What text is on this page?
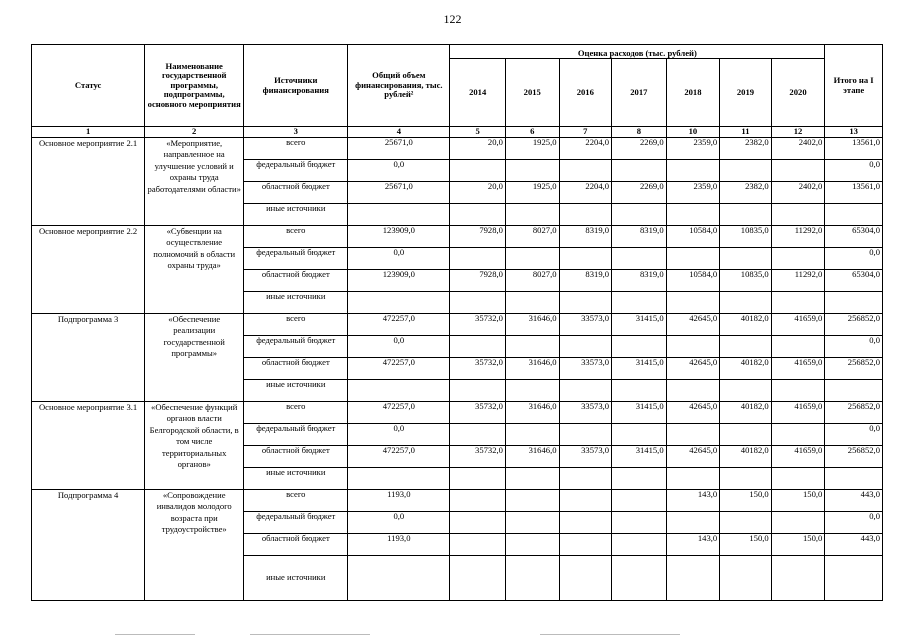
122
Статус	Наименование государственной программы, подпрограммы, основного мероприятия	Источники финансирования	Общий объем финансирования, тыс. рублей²	Оценка расходов (тыс. рублей)							Итого на I этапе
				2014	2015	2016	2017	2018	2019	2020	
1	2	3	4	5	6	7	8	10	11	12	13
Основное мероприятие 2.1	«Мероприятие, направленное на улучшение условий и охраны труда работодателями области»	всего	25671,0	20,0	1925,0	2204,0	2269,0	2359,0	2382,0	2402,0	13561,0
		федеральный бюджет	0,0								0,0
		областной бюджет	25671,0	20,0	1925,0	2204,0	2269,0	2359,0	2382,0	2402,0	13561,0
		иные источники									
Основное мероприятие 2.2	«Субвенции на осуществление полномочий в области охраны труда»	всего	123909,0	7928,0	8027,0	8319,0	8319,0	10584,0	10835,0	11292,0	65304,0
		федеральный бюджет	0,0								0,0
		областной бюджет	123909,0	7928,0	8027,0	8319,0	8319,0	10584,0	10835,0	11292,0	65304,0
		иные источники									
Подпрограмма 3	«Обеспечение реализации государственной программы»	всего	472257,0	35732,0	31646,0	33573,0	31415,0	42645,0	40182,0	41659,0	256852,0
		федеральный бюджет	0,0								0,0
		областной бюджет	472257,0	35732,0	31646,0	33573,0	31415,0	42645,0	40182,0	41659,0	256852,0
		иные источники									
Основное мероприятие 3.1	«Обеспечение функций органов власти Белгородской области, в том числе территориальных органов»	всего	472257,0	35732,0	31646,0	33573,0	31415,0	42645,0	40182,0	41659,0	256852,0
		федеральный бюджет	0,0								0,0
		областной бюджет	472257,0	35732,0	31646,0	33573,0	31415,0	42645,0	40182,0	41659,0	256852,0
		иные источники									
Подпрограмма 4	«Сопровождение инвалидов молодого возраста при трудоустройстве»	всего	1193,0					143,0	150,0	150,0	443,0
		федеральный бюджет	0,0								0,0
		областной бюджет	1193,0					143,0	150,0	150,0	443,0
		иные источники									
